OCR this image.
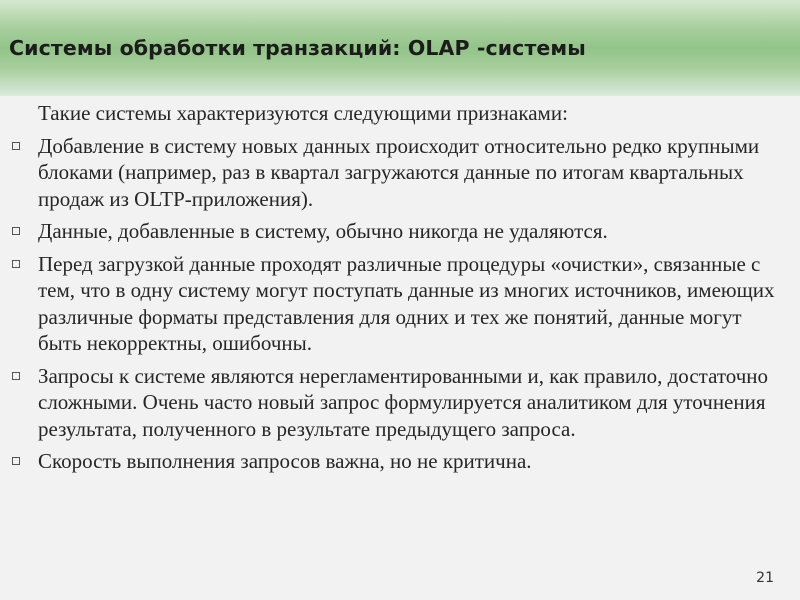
Системы обработки транзакций: OLAP -системы

Такие системы характеризуются следующими признаками:

Добавление в систему новых данных происходит относительно редко крупными блоками (например, раз в квартал загружаются данные по итогам квартальных продаж из OLTP-приложения).
Данные, добавленные в систему, обычно никогда не удаляются.
Перед загрузкой данные проходят различные процедуры «очистки», связанные с тем, что в одну систему могут поступать данные из многих источников, имеющих различные форматы представления для одних и тех же понятий, данные могут быть некорректны, ошибочны.
Запросы к системе являются нерегламентированными и, как правило, достаточно сложными. Очень часто новый запрос формулируется аналитиком для уточнения результата, полученного в результате предыдущего запроса.
Скорость выполнения запросов важна, но не критична.
21
